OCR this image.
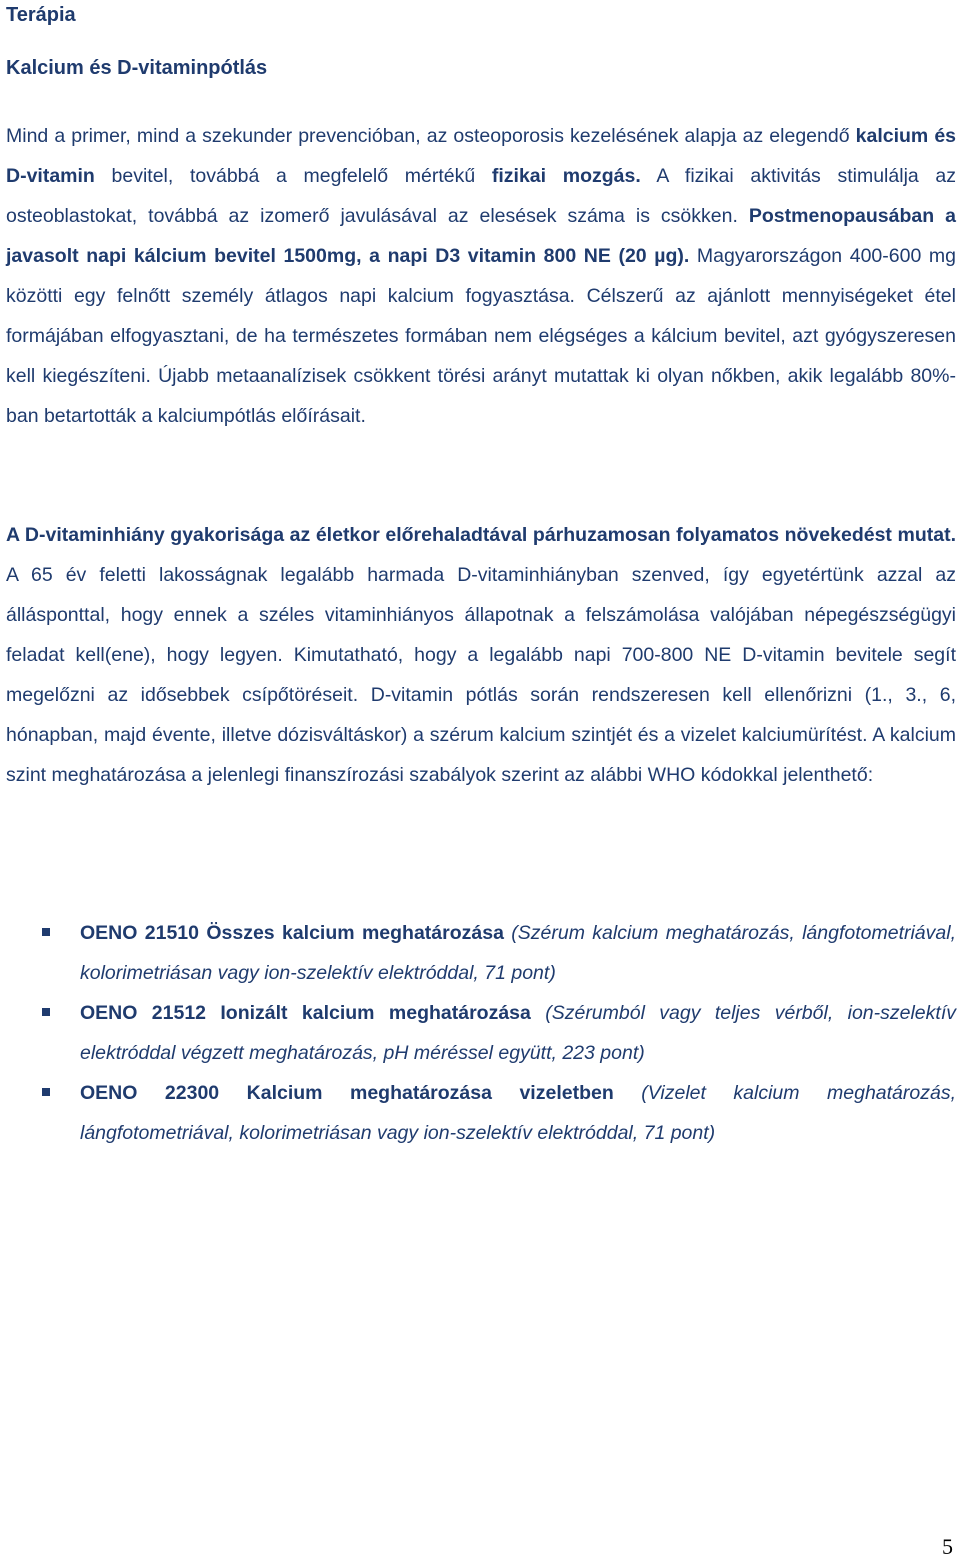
Terápia
Kalcium és D-vitaminpótlás

Mind a primer, mind a szekunder prevencióban, az osteoporosis kezelésének alapja az elegendő kalcium és D-vitamin bevitel, továbbá a megfelelő mértékű fizikai mozgás. A fizikai aktivitás stimulálja az osteoblastokat, továbbá az izomerő javulásával az elesések száma is csökken. Postmenopausában a javasolt napi kálcium bevitel 1500mg, a napi D3 vitamin 800 NE (20 µg). Magyarországon 400-600 mg közötti egy felnőtt személy átlagos napi kalcium fogyasztása. Célszerű az ajánlott mennyiségeket étel formájában elfogyasztani, de ha természetes formában nem elégséges a kálcium bevitel, azt gyógyszeresen kell kiegészíteni. Újabb metaanalízisek csökkent törési arányt mutattak ki olyan nőkben, akik legalább 80%-ban betartották a kalciumpótlás előírásait.

A D-vitaminhiány gyakorisága az életkor előrehaladtával párhuzamosan folyamatos növekedést mutat. A 65 év feletti lakosságnak legalább harmada D-vitaminhiányban szenved, így egyetértünk azzal az állásponttal, hogy ennek a széles vitaminhiányos állapotnak a felszámolása valójában népegészségügyi feladat kell(ene), hogy legyen. Kimutatható, hogy a legalább napi 700-800 NE D-vitamin bevitele segít megelőzni az idősebbek csípőtöréseit. D-vitamin pótlás során rendszeresen kell ellenőrizni (1., 3., 6, hónapban, majd évente, illetve dózisváltáskor) a szérum kalcium szintjét és a vizelet kalciumürítést. A kalcium szint meghatározása a jelenlegi finanszírozási szabályok szerint az alábbi WHO kódokkal jelenthető:

OENO 21510 Összes kalcium meghatározása (Szérum kalcium meghatározás, lángfotometriával, kolorimetriásan vagy ion-szelektív elektróddal, 71 pont)
OENO 21512 Ionizált kalcium meghatározása (Szérumból vagy teljes vérből, ion-szelektív elektróddal végzett meghatározás, pH méréssel együtt, 223 pont)
OENO 22300 Kalcium meghatározása vizeletben (Vizelet kalcium meghatározás, lángfotometriával, kolorimetriásan vagy ion-szelektív elektróddal, 71 pont)
5
